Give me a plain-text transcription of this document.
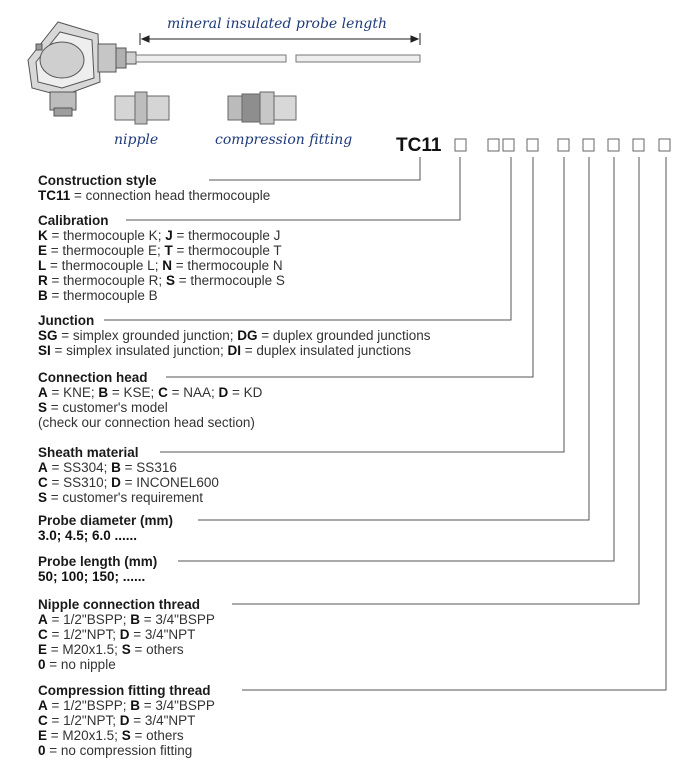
mineral insulated probe length
nipple	compression fitting TC11
Construction style
TC11 = connection head thermocouple
Calibration
K = thermocouple K; J = thermocouple J
E = thermocouple E; T = thermocouple T
L = thermocouple L; N = thermocouple N
R = thermocouple R; S = thermocouple S
B = thermocouple B
Junction
SG = simplex grounded junction; DG = duplex grounded junctions
SI = simplex insulated junction; DI = duplex insulated junctions
Connection head
A = KNE; B = KSE; C = NAA; D = KD
S = customer's model
(check our connection head section)
Sheath material
A = SS304; B = SS316
C = SS310; D = INCONEL600
S = customer's requirement
Probe diameter (mm)
3.0; 4.5; 6.0 ......
Probe length (mm)
50; 100; 150; ......
Nipple connection thread
A = 1/2"BSPP; B = 3/4"BSPP
C = 1/2"NPT; D = 3/4"NPT
E = M20x1.5; S = others
0 = no nipple
Compression fitting thread
A = 1/2"BSPP; B = 3/4"BSPP
C = 1/2"NPT; D = 3/4"NPT
E = M20x1.5; S = others
0 = no compression fitting
